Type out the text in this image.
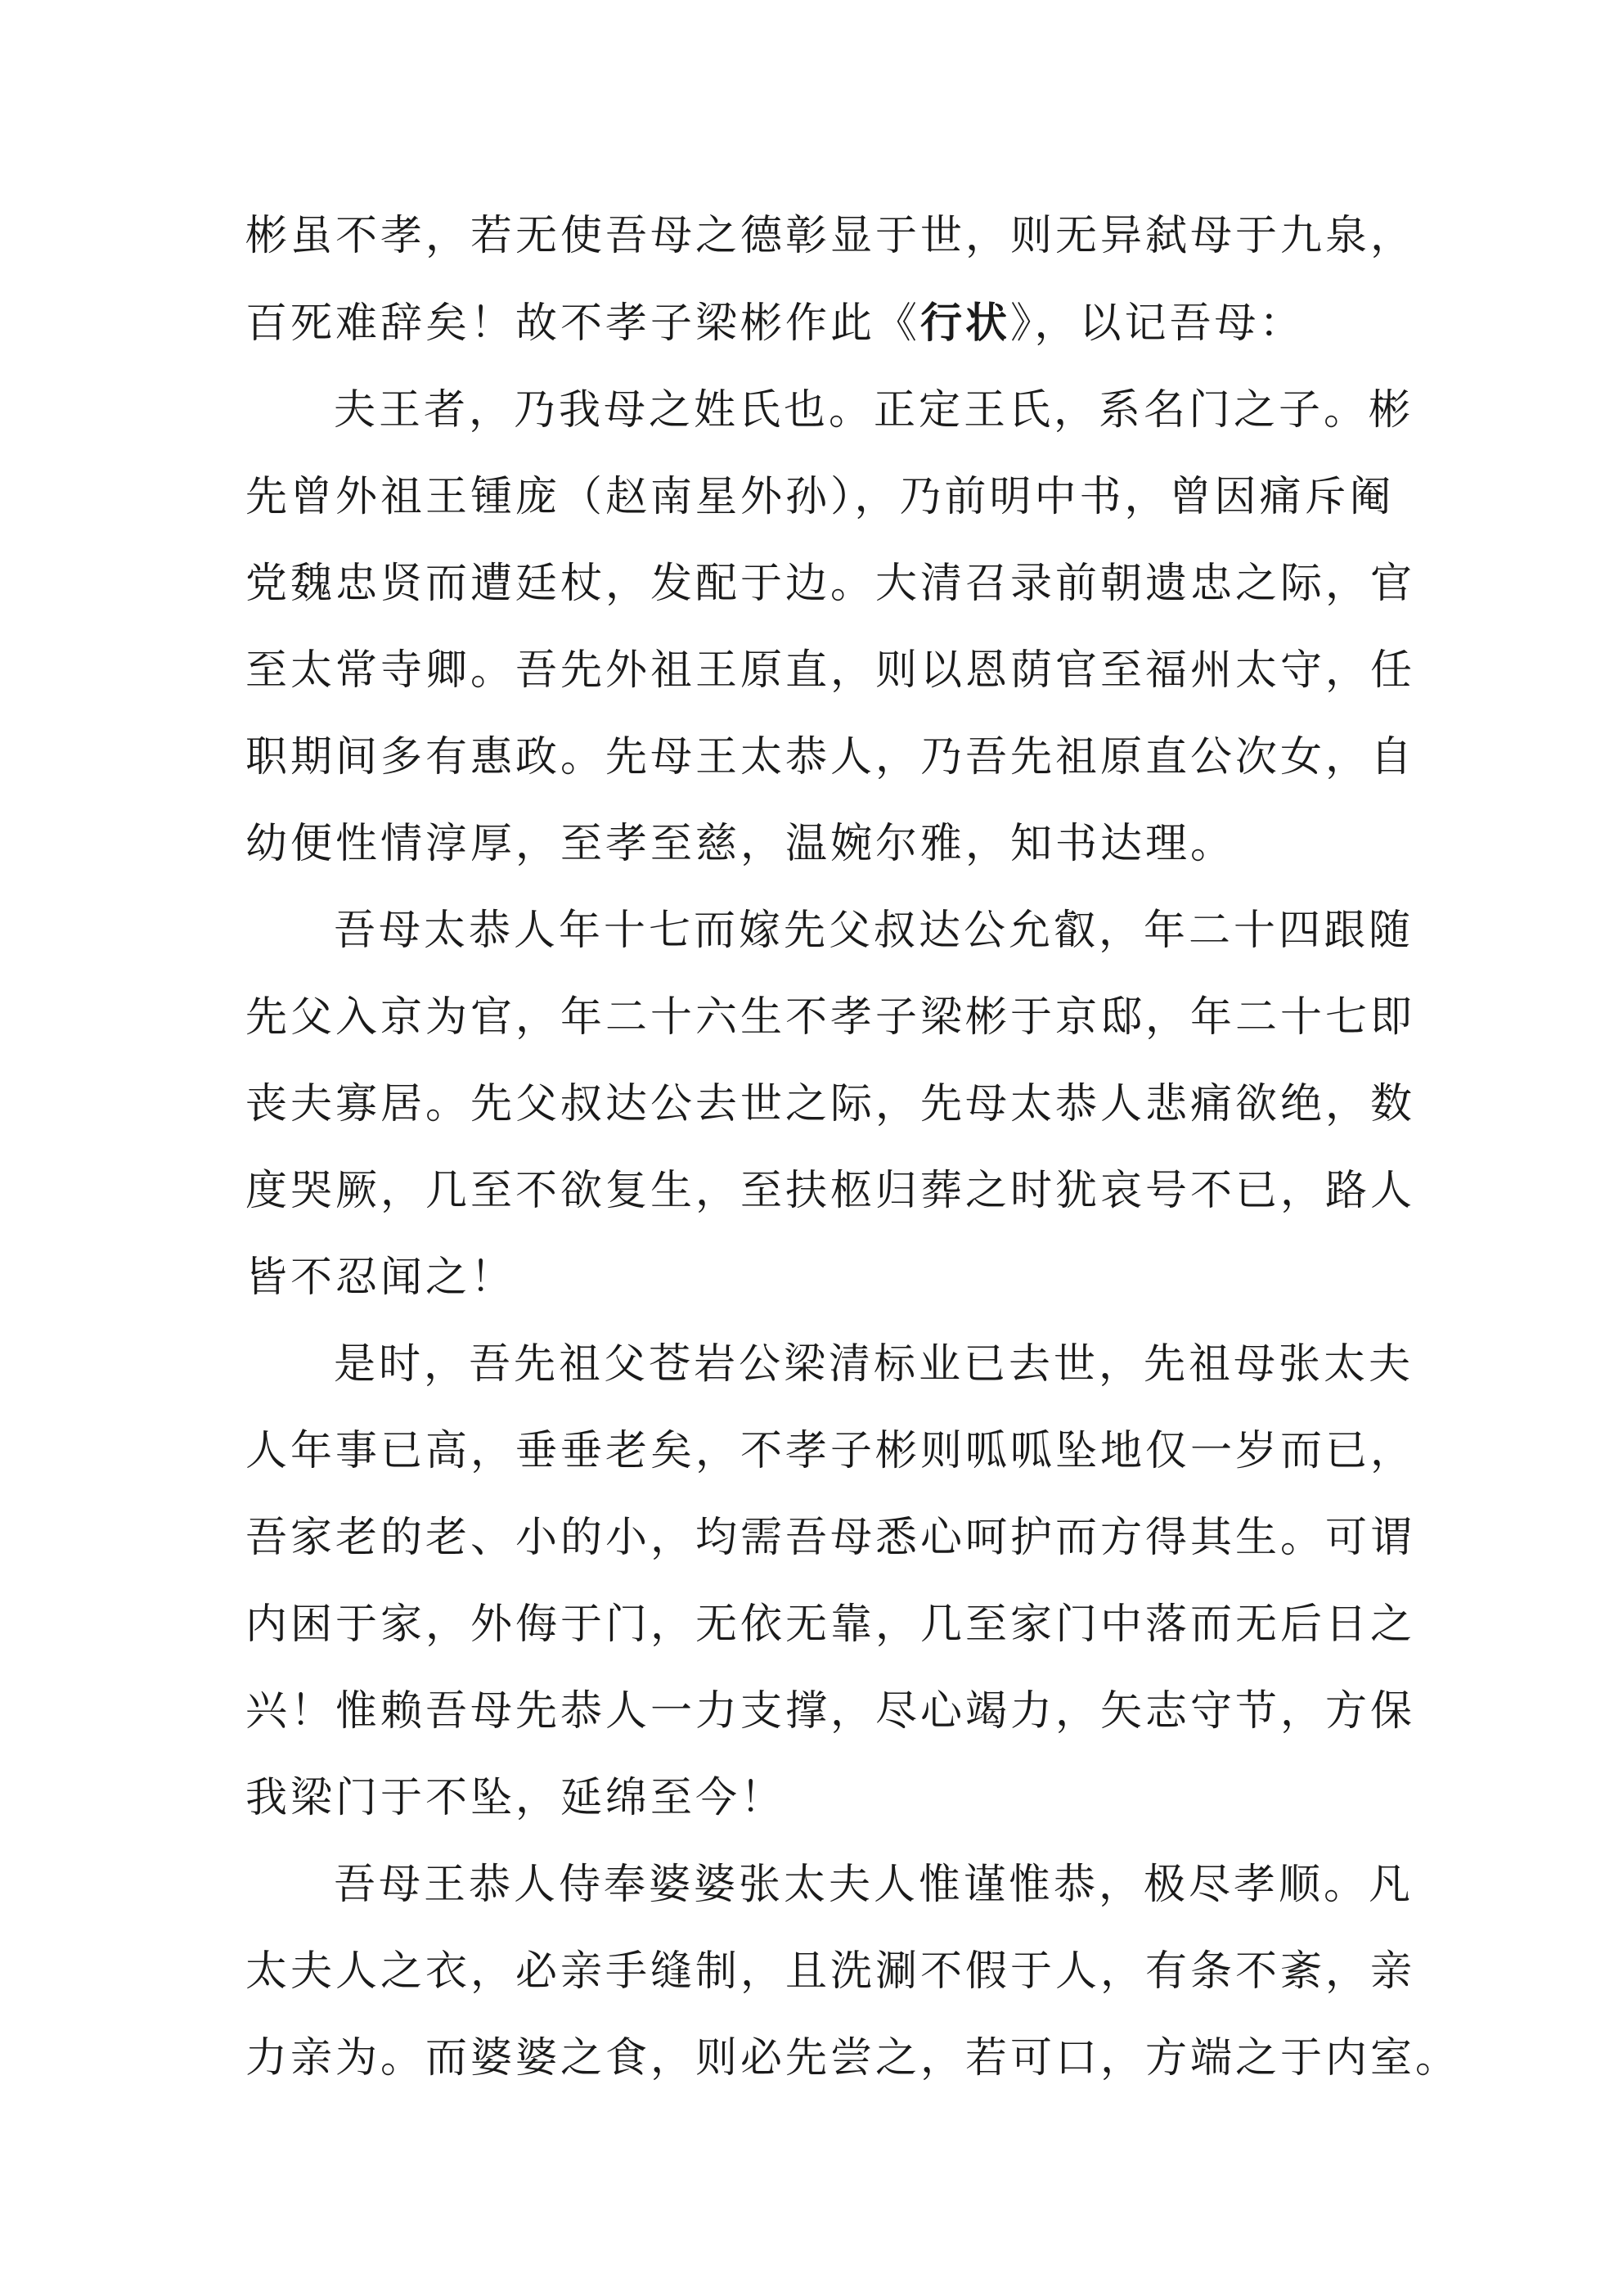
彬虽不孝，若无使吾母之德彰显于世，则无异弑母于九泉，
百死难辞矣！故不孝子梁彬作此《行状》，以记吾母：

夫王者，乃我母之姓氏也。正定王氏，系名门之子。彬
先曾外祖王锺庞（赵南星外孙），乃前明中书，曾因痛斥阉
党魏忠贤而遭廷杖，发配于边。大清召录前朝遗忠之际，官
至太常寺卿。吾先外祖王原直，则以恩荫官至福州太守，任
职期间多有惠政。先母王太恭人，乃吾先祖原直公次女，自
幼便性情淳厚，至孝至慈，温婉尔雅，知书达理。

吾母太恭人年十七而嫁先父叔达公允叡，年二十四跟随
先父入京为官，年二十六生不孝子梁彬于京邸，年二十七即
丧夫寡居。先父叔达公去世之际，先母太恭人悲痛欲绝，数
度哭厥，几至不欲复生，至扶柩归葬之时犹哀号不已，路人
皆不忍闻之！

是时，吾先祖父苍岩公梁清标业已去世，先祖母张太夫
人年事已高，垂垂老矣，不孝子彬则呱呱坠地仅一岁而已，
吾家老的老、小的小，均需吾母悉心呵护而方得其生。可谓
内困于家，外侮于门，无依无靠，几至家门中落而无后日之
兴！惟赖吾母先恭人一力支撑，尽心竭力，矢志守节，方保
我梁门于不坠，延绵至今！

吾母王恭人侍奉婆婆张太夫人惟谨惟恭，极尽孝顺。凡
太夫人之衣，必亲手缝制，且洗涮不假于人，有条不紊，亲
力亲为。而婆婆之食，则必先尝之，若可口，方端之于内室。
